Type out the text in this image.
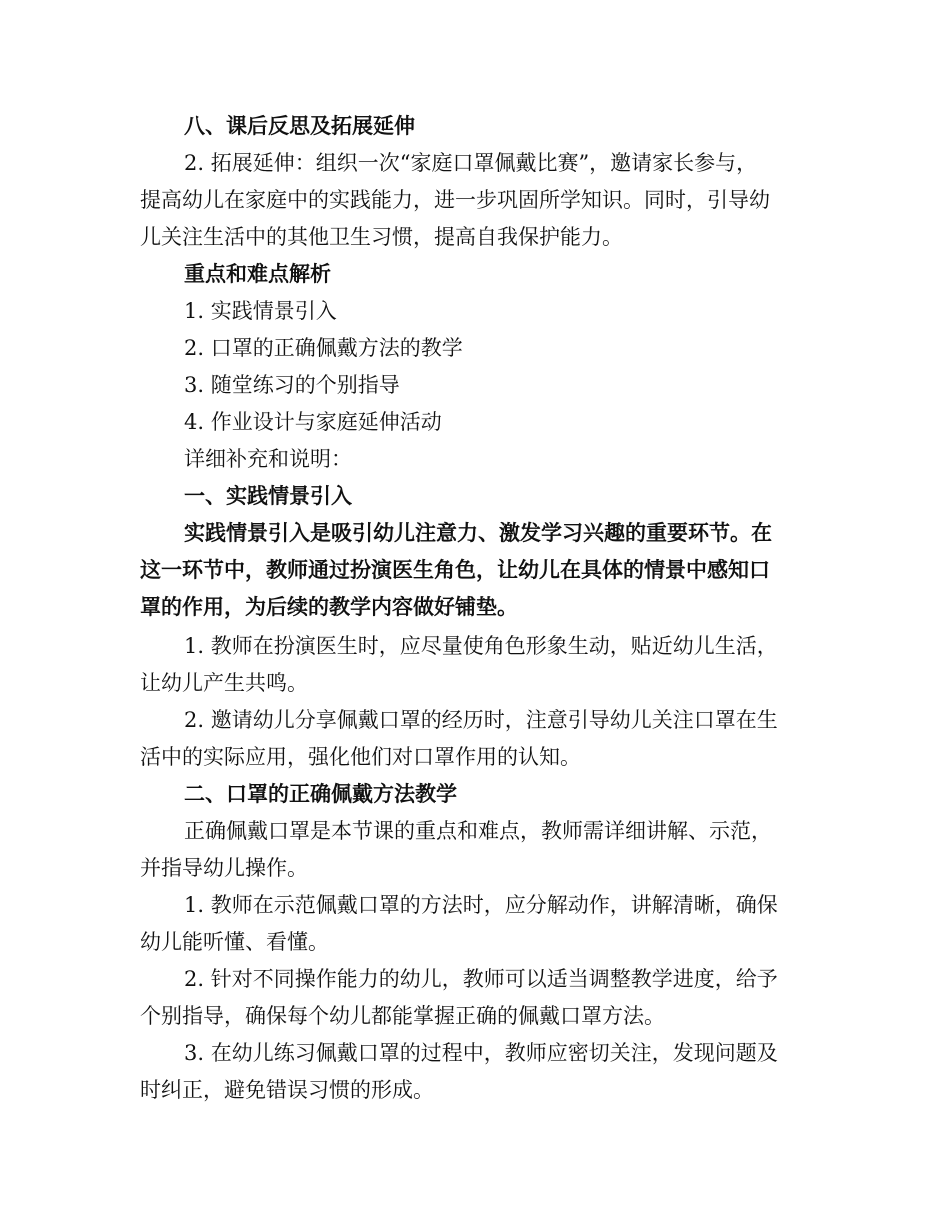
八、课后反思及拓展延伸
2. 拓展延伸：组织一次“家庭口罩佩戴比赛”，邀请家长参与，
提高幼儿在家庭中的实践能力，进一步巩固所学知识。同时，引导幼
儿关注生活中的其他卫生习惯，提高自我保护能力。
重点和难点解析
1. 实践情景引入
2. 口罩的正确佩戴方法的教学
3. 随堂练习的个别指导
4. 作业设计与家庭延伸活动
详细补充和说明：
一、实践情景引入
实践情景引入是吸引幼儿注意力、激发学习兴趣的重要环节。在
这一环节中，教师通过扮演医生角色，让幼儿在具体的情景中感知口
罩的作用，为后续的教学内容做好铺垫。
1. 教师在扮演医生时，应尽量使角色形象生动，贴近幼儿生活，
让幼儿产生共鸣。
2. 邀请幼儿分享佩戴口罩的经历时，注意引导幼儿关注口罩在生
活中的实际应用，强化他们对口罩作用的认知。
二、口罩的正确佩戴方法教学
正确佩戴口罩是本节课的重点和难点，教师需详细讲解、示范，
并指导幼儿操作。
1. 教师在示范佩戴口罩的方法时，应分解动作，讲解清晰，确保
幼儿能听懂、看懂。
2. 针对不同操作能力的幼儿，教师可以适当调整教学进度，给予
个别指导，确保每个幼儿都能掌握正确的佩戴口罩方法。
3. 在幼儿练习佩戴口罩的过程中，教师应密切关注，发现问题及
时纠正，避免错误习惯的形成。
